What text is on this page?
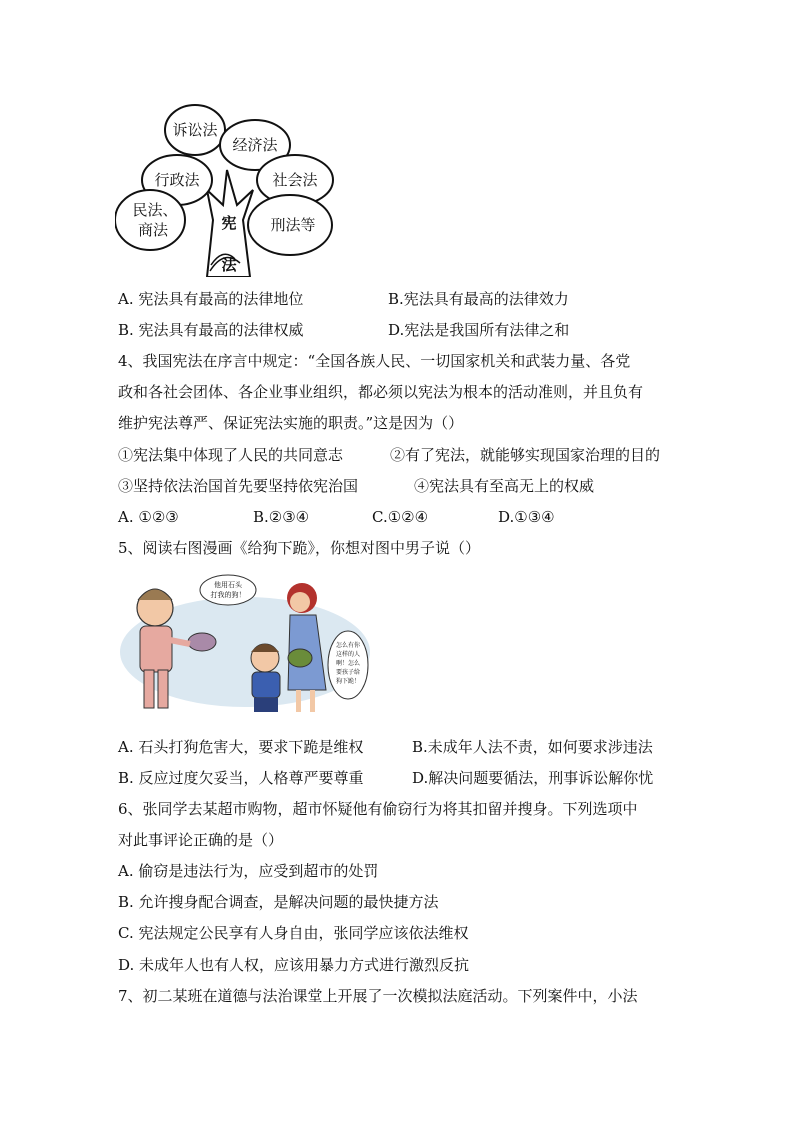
诉讼法
经济法
行政法	社会法
民法、
商法	刑法等
宪
法
A. 宪法具有最高的法律地位	B.宪法具有最高的法律效力
B. 宪法具有最高的法律权威	D.宪法是我国所有法律之和
4、我国宪法在序言中规定：“全国各族人民、一切国家机关和武装力量、各党
政和各社会团体、各企业事业组织，都必须以宪法为根本的活动准则，并且负有
维护宪法尊严、保证宪法实施的职责。”这是因为（）
①宪法集中体现了人民的共同意志	②有了宪法，就能够实现国家治理的目的
③坚持依法治国首先要坚持依宪治国	④宪法具有至高无上的权威
A. ①②③	B.②③④	C.①②④	D.①③④
5、阅读右图漫画《给狗下跪》，你想对图中男子说（）
他用石头
打我的狗！
怎么有你
这样的人
啊！怎么
要孩子给
狗下跪！
A. 石头打狗危害大，要求下跪是维权	B.未成年人法不责，如何要求涉违法
B. 反应过度欠妥当，人格尊严要尊重	D.解决问题要循法，刑事诉讼解你忧
6、张同学去某超市购物，超市怀疑他有偷窃行为将其扣留并搜身。下列选项中
对此事评论正确的是（）
A. 偷窃是违法行为，应受到超市的处罚
B. 允许搜身配合调查，是解决问题的最快捷方法
C. 宪法规定公民享有人身自由，张同学应该依法维权
D. 未成年人也有人权，应该用暴力方式进行激烈反抗
7、初二某班在道德与法治课堂上开展了一次模拟法庭活动。下列案件中，小法
